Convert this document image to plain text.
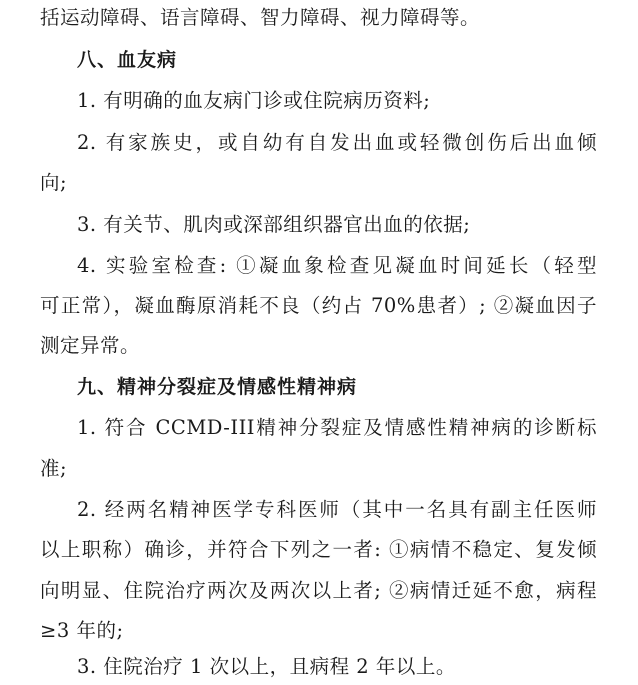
括运动障碍、语言障碍、智力障碍、视力障碍等。
八、血友病
1. 有明确的血友病门诊或住院病历资料;
2. 有家族史，或自幼有自发出血或轻微创伤后出血倾
向;
3. 有关节、肌肉或深部组织器官出血的依据;
4. 实验室检查: ①凝血象检查见凝血时间延长（轻型
可正常），凝血酶原消耗不良（约占 70%患者）; ②凝血因子
测定异常。
九、精神分裂症及情感性精神病
1. 符合 CCMD-III精神分裂症及情感性精神病的诊断标
准;
2. 经两名精神医学专科医师（其中一名具有副主任医师
以上职称）确诊，并符合下列之一者: ①病情不稳定、复发倾
向明显、住院治疗两次及两次以上者; ②病情迁延不愈，病程
≥3 年的;
3. 住院治疗 1 次以上，且病程 2 年以上。
